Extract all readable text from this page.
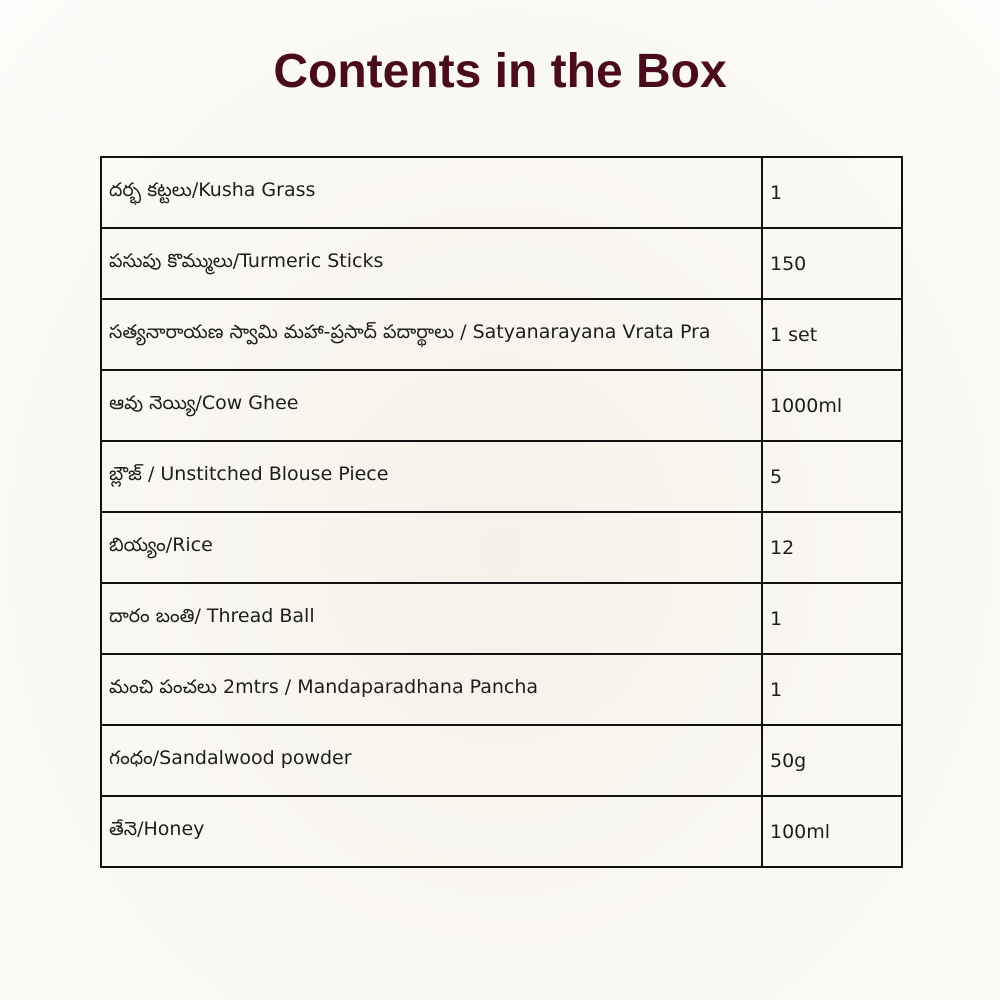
Contents in the Box
దర్భ కట్టలు/Kusha Grass	1
పసుపు కొమ్ములు/Turmeric Sticks	150
సత్యనారాయణ స్వామి మహా-ప్రసాద్ పదార్థాలు / Satyanarayana Vrata Pra	1 set
ఆవు నెయ్యి/Cow Ghee	1000ml
బ్లౌజ్ / Unstitched Blouse Piece	5
బియ్యం/Rice	12
దారం బంతి/ Thread Ball	1
మంచి పంచలు 2mtrs / Mandaparadhana Pancha	1
గంధం/Sandalwood powder	50g
తేనె/Honey	100ml
